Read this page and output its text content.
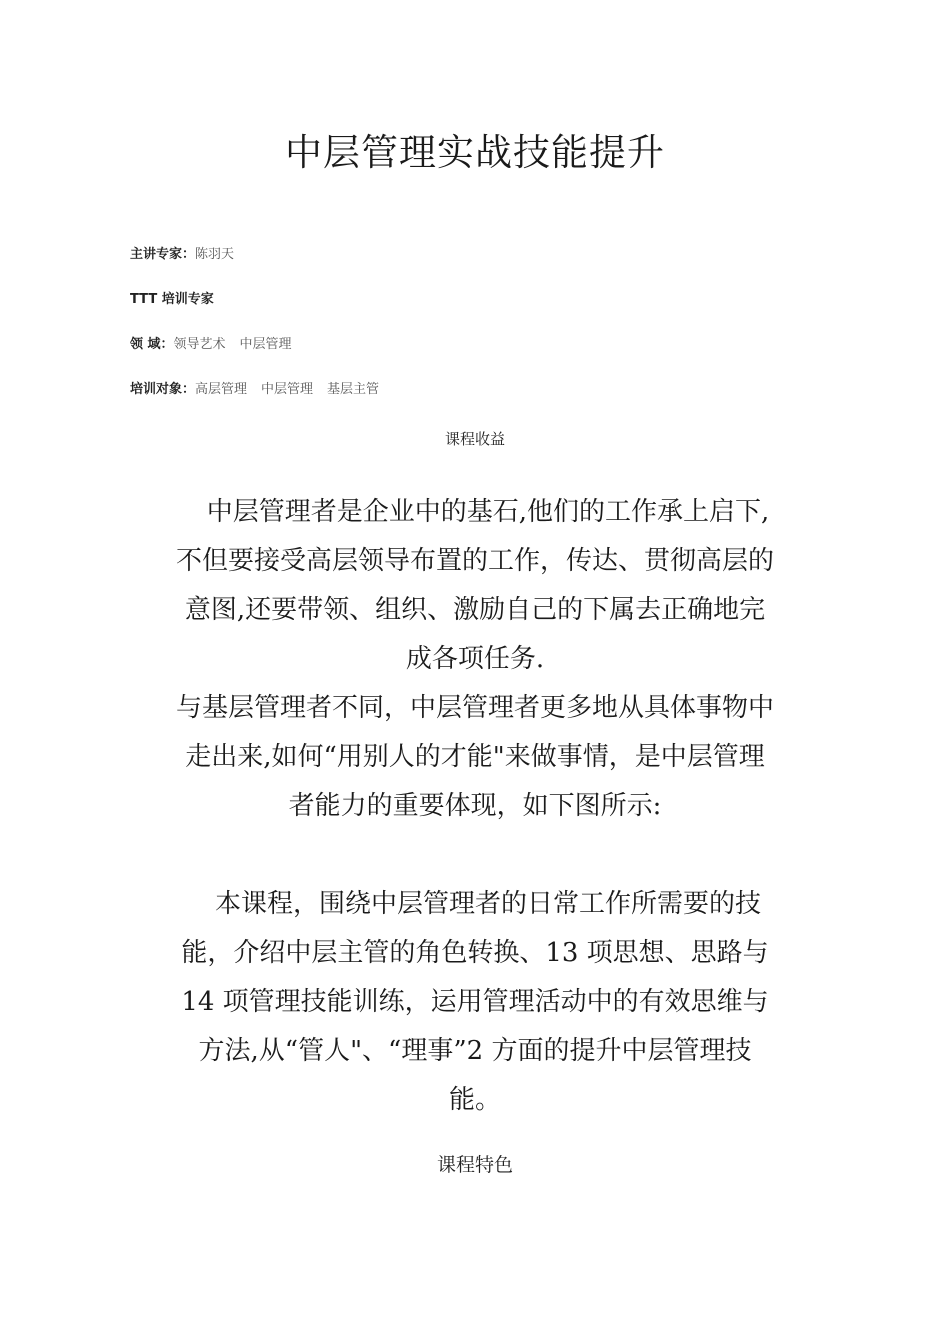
中层管理实战技能提升
主讲专家：陈羽天
TTT 培训专家
领 域：领导艺术 中层管理
培训对象：高层管理 中层管理 基层主管
课程收益
中层管理者是企业中的基石,他们的工作承上启下,
不但要接受高层领导布置的工作，传达、贯彻高层的
意图,还要带领、组织、激励自己的下属去正确地完
成各项任务.
与基层管理者不同，中层管理者更多地从具体事物中
走出来,如何“用别人的才能"来做事情，是中层管理
者能力的重要体现，如下图所示:
本课程，围绕中层管理者的日常工作所需要的技
能，介绍中层主管的角色转换、13 项思想、思路与
14 项管理技能训练，运用管理活动中的有效思维与
方法,从“管人"、“理事”2 方面的提升中层管理技
能。
课程特色
